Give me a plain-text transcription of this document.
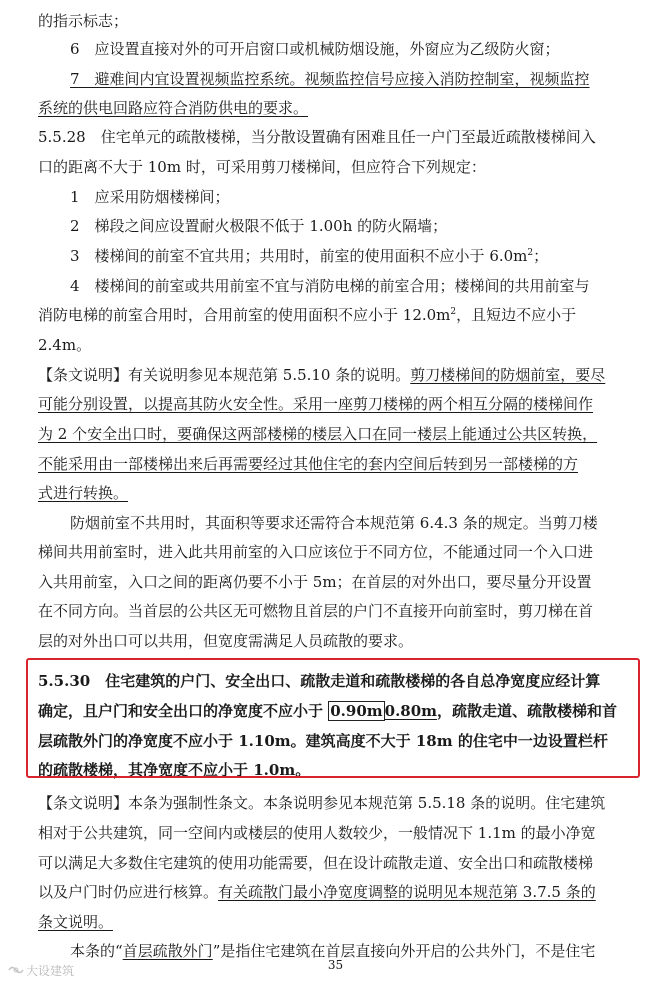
的指示标志；
6　应设置直接对外的可开启窗口或机械防烟设施，外窗应为乙级防火窗；
7　避难间内宜设置视频监控系统。视频监控信号应接入消防控制室，视频监控
系统的供电回路应符合消防供电的要求。
5.5.28　住宅单元的疏散楼梯，当分散设置确有困难且任一户门至最近疏散楼梯间入
口的距离不大于 10m 时，可采用剪刀楼梯间，但应符合下列规定：
1　应采用防烟楼梯间；
2　梯段之间应设置耐火极限不低于 1.00h 的防火隔墙；
3　楼梯间的前室不宜共用；共用时，前室的使用面积不应小于 $6.0m^2$；
4　楼梯间的前室或共用前室不宜与消防电梯的前室合用；楼梯间的共用前室与
消防电梯的前室合用时，合用前室的使用面积不应小于 $12.0m^2$，且短边不应小于
2.4m。
【条文说明】有关说明参见本规范第 5.5.10 条的说明。剪刀楼梯间的防烟前室，要尽
可能分别设置，以提高其防火安全性。采用一座剪刀楼梯的两个相互分隔的楼梯间作
为 2 个安全出口时，要确保这两部楼梯的楼层入口在同一楼层上能通过公共区转换，
不能采用由一部楼梯出来后再需要经过其他住宅的套内空间后转到另一部楼梯的方
式进行转换。
防烟前室不共用时，其面积等要求还需符合本规范第 6.4.3 条的规定。当剪刀楼
梯间共用前室时，进入此共用前室的入口应该位于不同方位，不能通过同一个入口进
入共用前室，入口之间的距离仍要不小于 5m；在首层的对外出口，要尽量分开设置
在不同方向。当首层的公共区无可燃物且首层的户门不直接开向前室时，剪刀梯在首
层的对外出口可以共用，但宽度需满足人员疏散的要求。
5.5.30　住宅建筑的户门、安全出口、疏散走道和疏散楼梯的各自总净宽度应经计算
确定，且户门和安全出口的净宽度不应小于 0.90m 0.80m，疏散走道、疏散楼梯和首
层疏散外门的净宽度不应小于 1.10m。建筑高度不大于 18m 的住宅中一边设置栏杆
的疏散楼梯，其净宽度不应小于 1.0m。
【条文说明】本条为强制性条文。本条说明参见本规范第 5.5.18 条的说明。住宅建筑
相对于公共建筑，同一空间内或楼层的使用人数较少，一般情况下 1.1m 的最小净宽
可以满足大多数住宅建筑的使用功能需要，但在设计疏散走道、安全出口和疏散楼梯
以及户门时仍应进行核算。有关疏散门最小净宽度调整的说明见本规范第 3.7.5 条的
条文说明。
本条的“首层疏散外门”是指住宅建筑在首层直接向外开启的公共外门，不是住宅
35
大设建筑
